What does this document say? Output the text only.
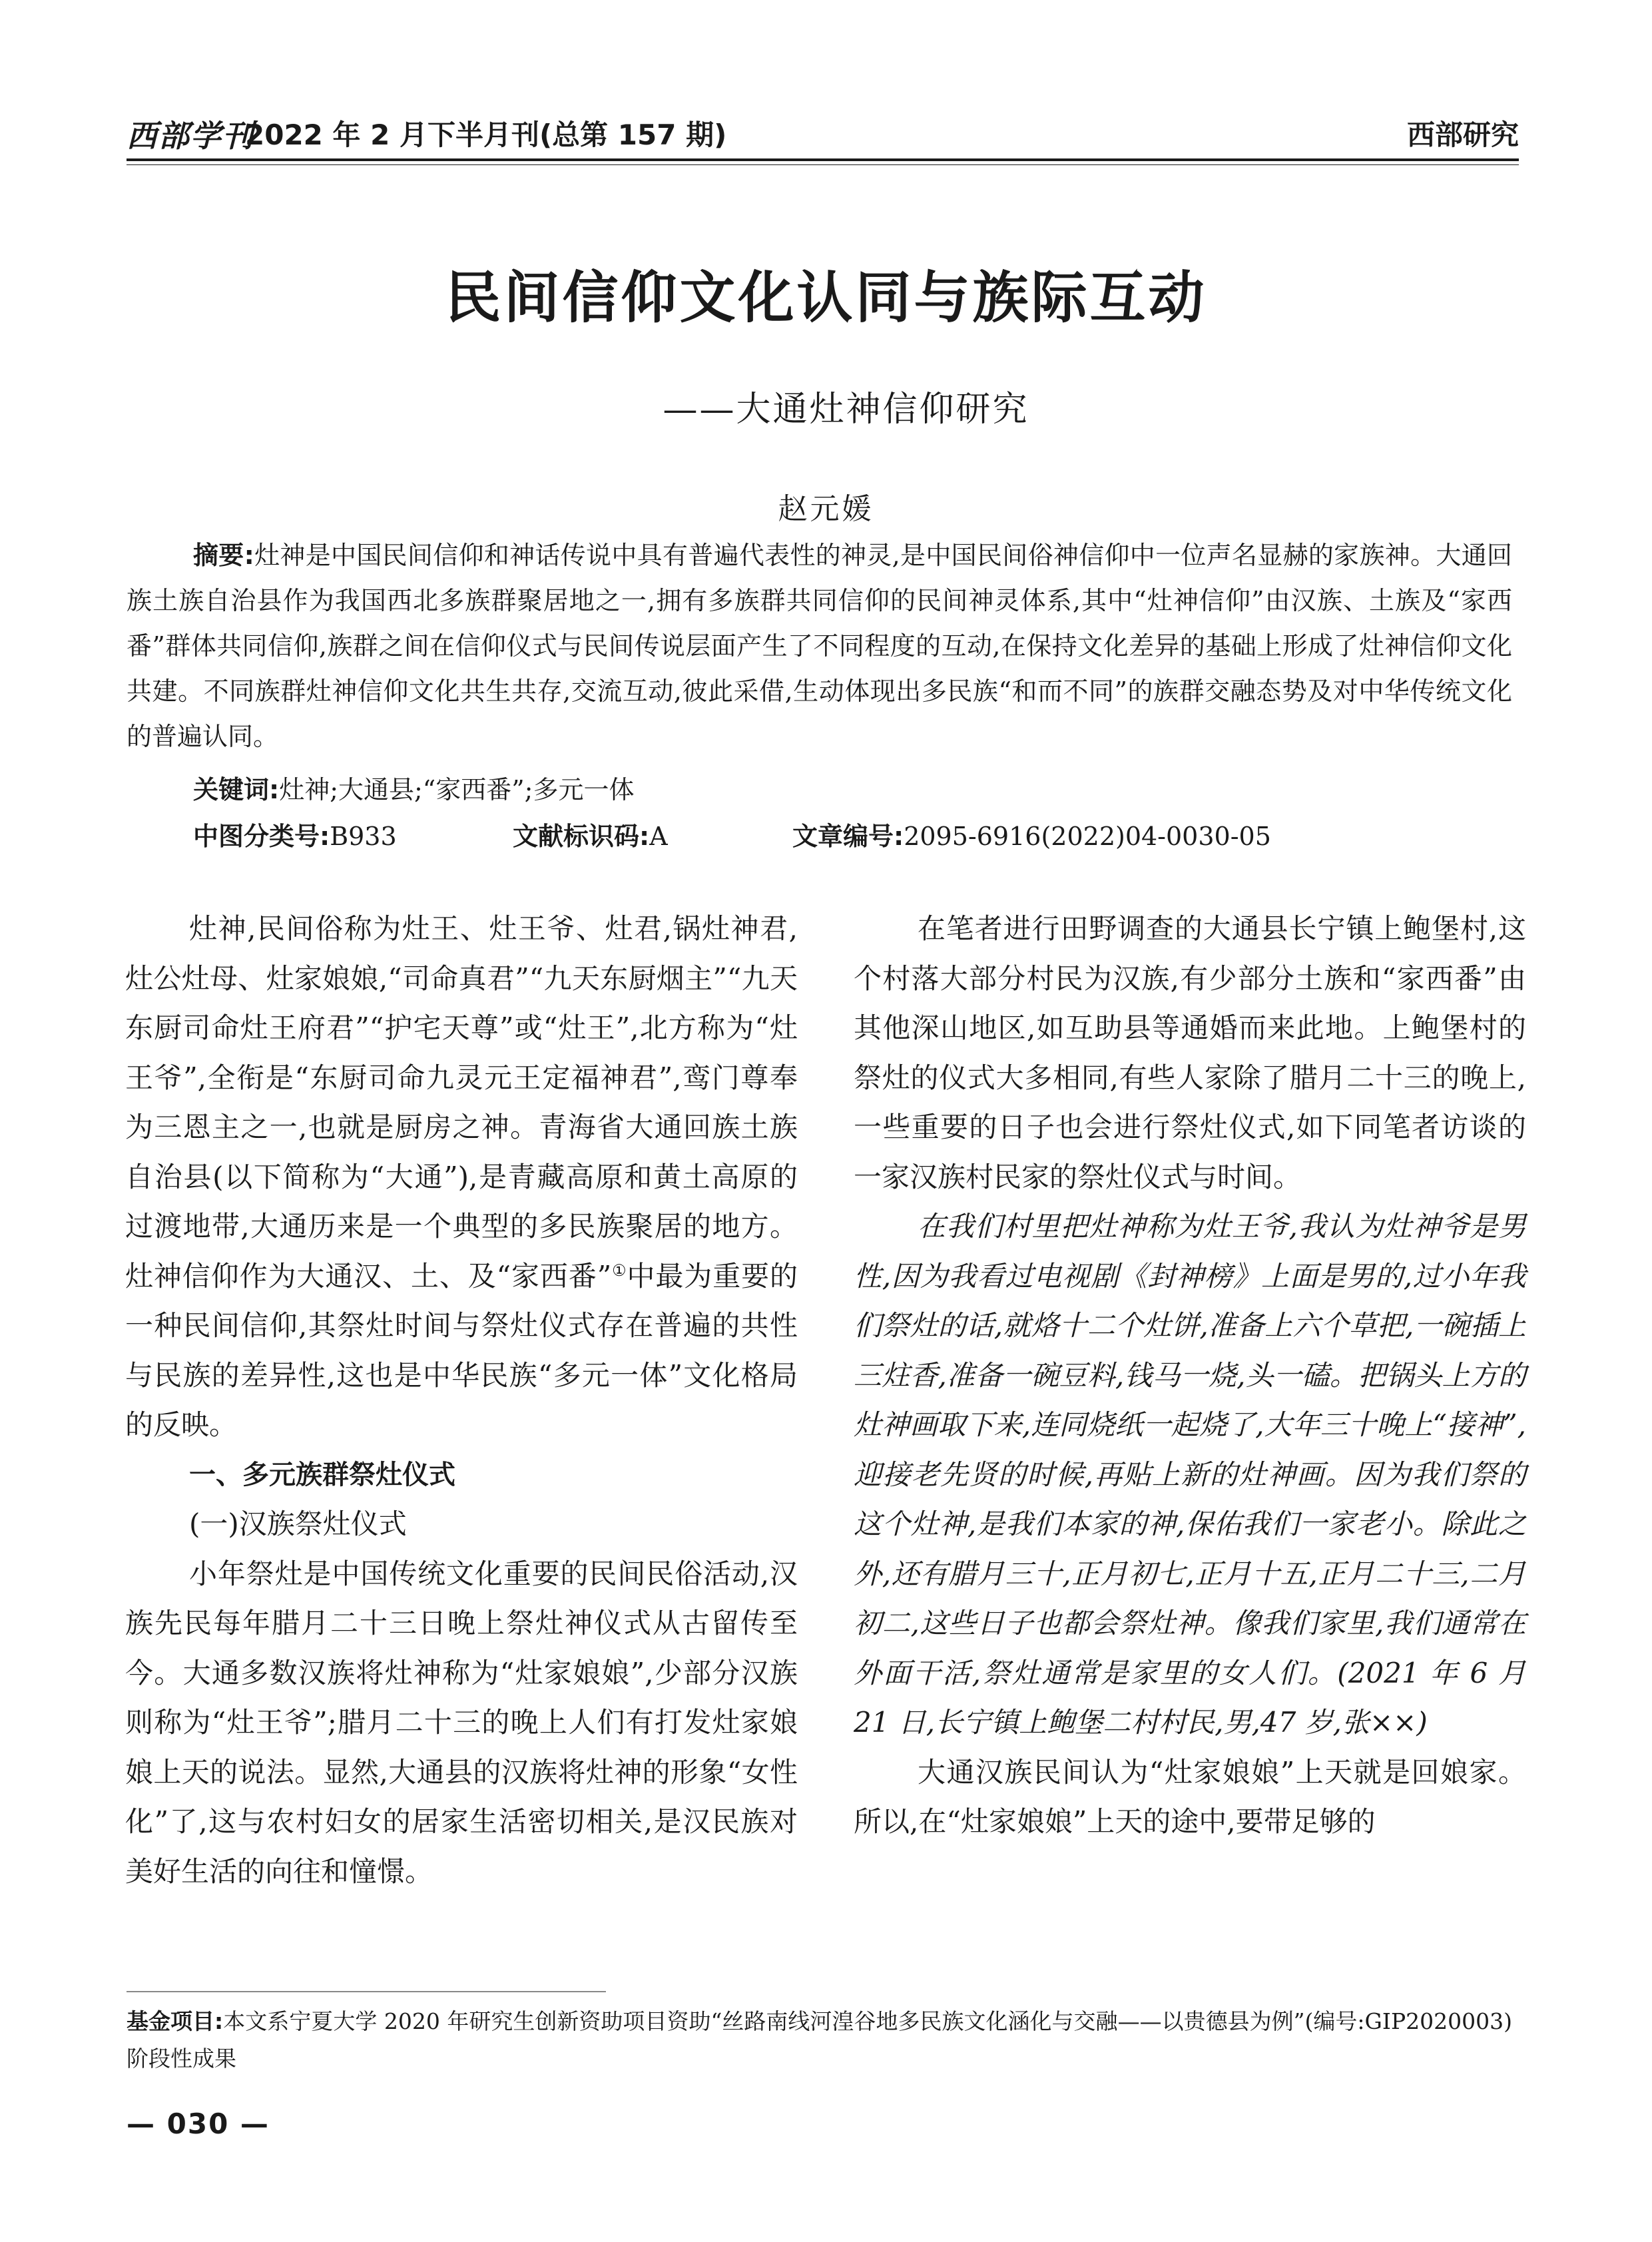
西部学刊
2022 年 2 月下半月刊(总第 157 期)	西部研究
民间信仰文化认同与族际互动
——大通灶神信仰研究
赵元媛

摘要:灶神是中国民间信仰和神话传说中具有普遍代表性的神灵,是中国民间俗神信仰中一位声名显赫的家族神。大通回族土族自治县作为我国西北多族群聚居地之一,拥有多族群共同信仰的民间神灵体系,其中“灶神信仰”由汉族、土族及“家西番”群体共同信仰,族群之间在信仰仪式与民间传说层面产生了不同程度的互动,在保持文化差异的基础上形成了灶神信仰文化共建。不同族群灶神信仰文化共生共存,交流互动,彼此采借,生动体现出多民族“和而不同”的族群交融态势及对中华传统文化的普遍认同。

关键词:灶神;大通县;“家西番”;多元一体
中图分类号:B933	文献标识码:A	文章编号:2095-6916(2022)04-0030-05

灶神,民间俗称为灶王、灶王爷、灶君,锅灶神君,灶公灶母、灶家娘娘,“司命真君”“九天东厨烟主”“九天东厨司命灶王府君”“护宅天尊”或“灶王”,北方称为“灶王爷”,全衔是“东厨司命九灵元王定福神君”,鸾门尊奉为三恩主之一,也就是厨房之神。青海省大通回族土族自治县(以下简称为“大通”),是青藏高原和黄土高原的过渡地带,大通历来是一个典型的多民族聚居的地方。灶神信仰作为大通汉、土、及“家西番”①中最为重要的一种民间信仰,其祭灶时间与祭灶仪式存在普遍的共性与民族的差异性,这也是中华民族“多元一体”文化格局的反映。

一、多元族群祭灶仪式

(一)汉族祭灶仪式

小年祭灶是中国传统文化重要的民间民俗活动,汉族先民每年腊月二十三日晚上祭灶神仪式从古留传至今。大通多数汉族将灶神称为“灶家娘娘”,少部分汉族则称为“灶王爷”;腊月二十三的晚上人们有打发灶家娘娘上天的说法。显然,大通县的汉族将灶神的形象“女性化”了,这与农村妇女的居家生活密切相关,是汉民族对美好生活的向往和憧憬。

在笔者进行田野调查的大通县长宁镇上鲍堡村,这个村落大部分村民为汉族,有少部分土族和“家西番”由其他深山地区,如互助县等通婚而来此地。上鲍堡村的祭灶的仪式大多相同,有些人家除了腊月二十三的晚上,一些重要的日子也会进行祭灶仪式,如下同笔者访谈的一家汉族村民家的祭灶仪式与时间。

在我们村里把灶神称为灶王爷,我认为灶神爷是男性,因为我看过电视剧《封神榜》上面是男的,过小年我们祭灶的话,就烙十二个灶饼,准备上六个草把,一碗插上三炷香,准备一碗豆料,钱马一烧,头一磕。把锅头上方的灶神画取下来,连同烧纸一起烧了,大年三十晚上“接神”,迎接老先贤的时候,再贴上新的灶神画。因为我们祭的这个灶神,是我们本家的神,保佑我们一家老小。除此之外,还有腊月三十,正月初七,正月十五,正月二十三,二月初二,这些日子也都会祭灶神。像我们家里,我们通常在外面干活,祭灶通常是家里的女人们。(2021 年 6 月 21 日,长宁镇上鲍堡二村村民,男,47 岁,张××)

大通汉族民间认为“灶家娘娘”上天就是回娘家。所以,在“灶家娘娘”上天的途中,要带足够的

基金项目:本文系宁夏大学 2020 年研究生创新资助项目资助“丝路南线河湟谷地多民族文化涵化与交融——以贵德县为例”(编号:GIP2020003)阶段性成果
— 030 —
